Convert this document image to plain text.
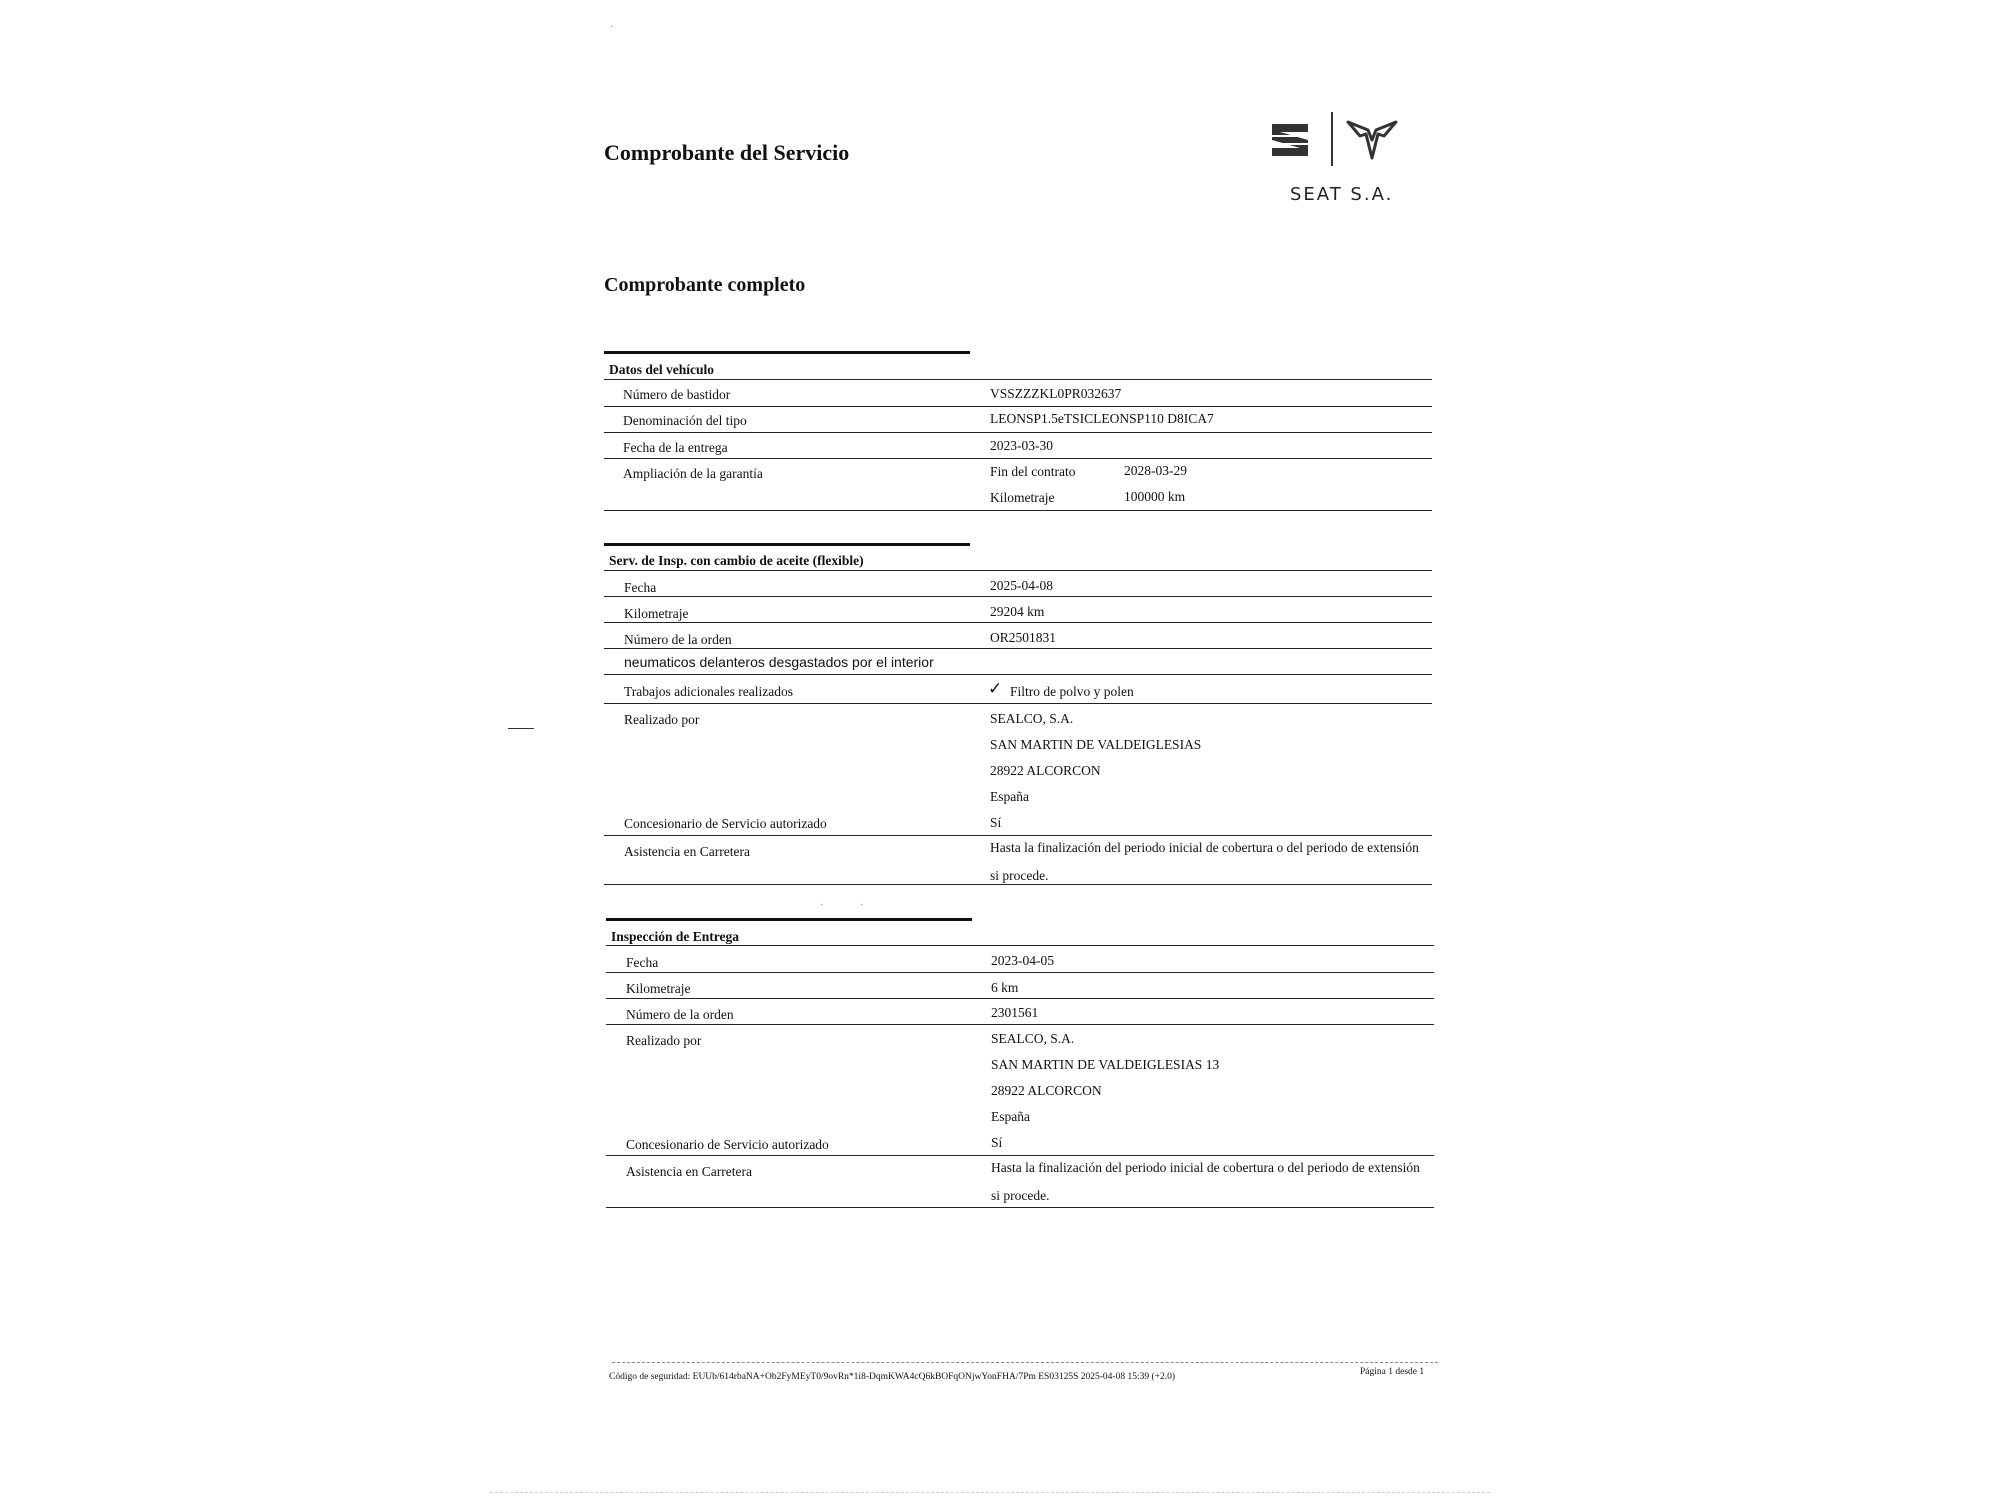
Comprobante del Servicio
SEAT S.A.
Comprobante completo
·
Datos del vehículo
Número de bastidor	VSSZZZKL0PR032637
Denominación del tipo	LEONSP1.5eTSICLEONSP110 D8ICA7
Fecha de la entrega	2023-03-30
Ampliación de la garantía	Fin del contrato	2028-03-29
Kilometraje	100000 km
Serv. de Insp. con cambio de aceite (flexible)
Fecha	2025-04-08
Kilometraje	29204 km
Número de la orden	OR2501831
neumaticos delanteros desgastados por el interior
Trabajos adicionales realizados	✓ Filtro de polvo y polen
Realizado por	SEALCO, S.A.
SAN MARTIN DE VALDEIGLESIAS
28922 ALCORCON
España
Concesionario de Servicio autorizado	Sí
Asistencia en Carretera	Hasta la finalización del periodo inicial de cobertura o del periodo de extensión
si procede.
·	·
Inspección de Entrega
Fecha	2023-04-05
Kilometraje	6 km
Número de la orden	2301561
Realizado por	SEALCO, S.A.
SAN MARTIN DE VALDEIGLESIAS 13
28922 ALCORCON
España
Concesionario de Servicio autorizado	Sí
Asistencia en Carretera	Hasta la finalización del periodo inicial de cobertura o del periodo de extensión
si procede.
Código de seguridad: EUUb/614rbaNA+Ob2FyMEyT0/9ovRn*1i8-DqmKWA4cQ6kBOFqONjwYonFHA/7Pm ES03125S 2025-04-08 15:39 (+2.0)	Página 1 desde 1
